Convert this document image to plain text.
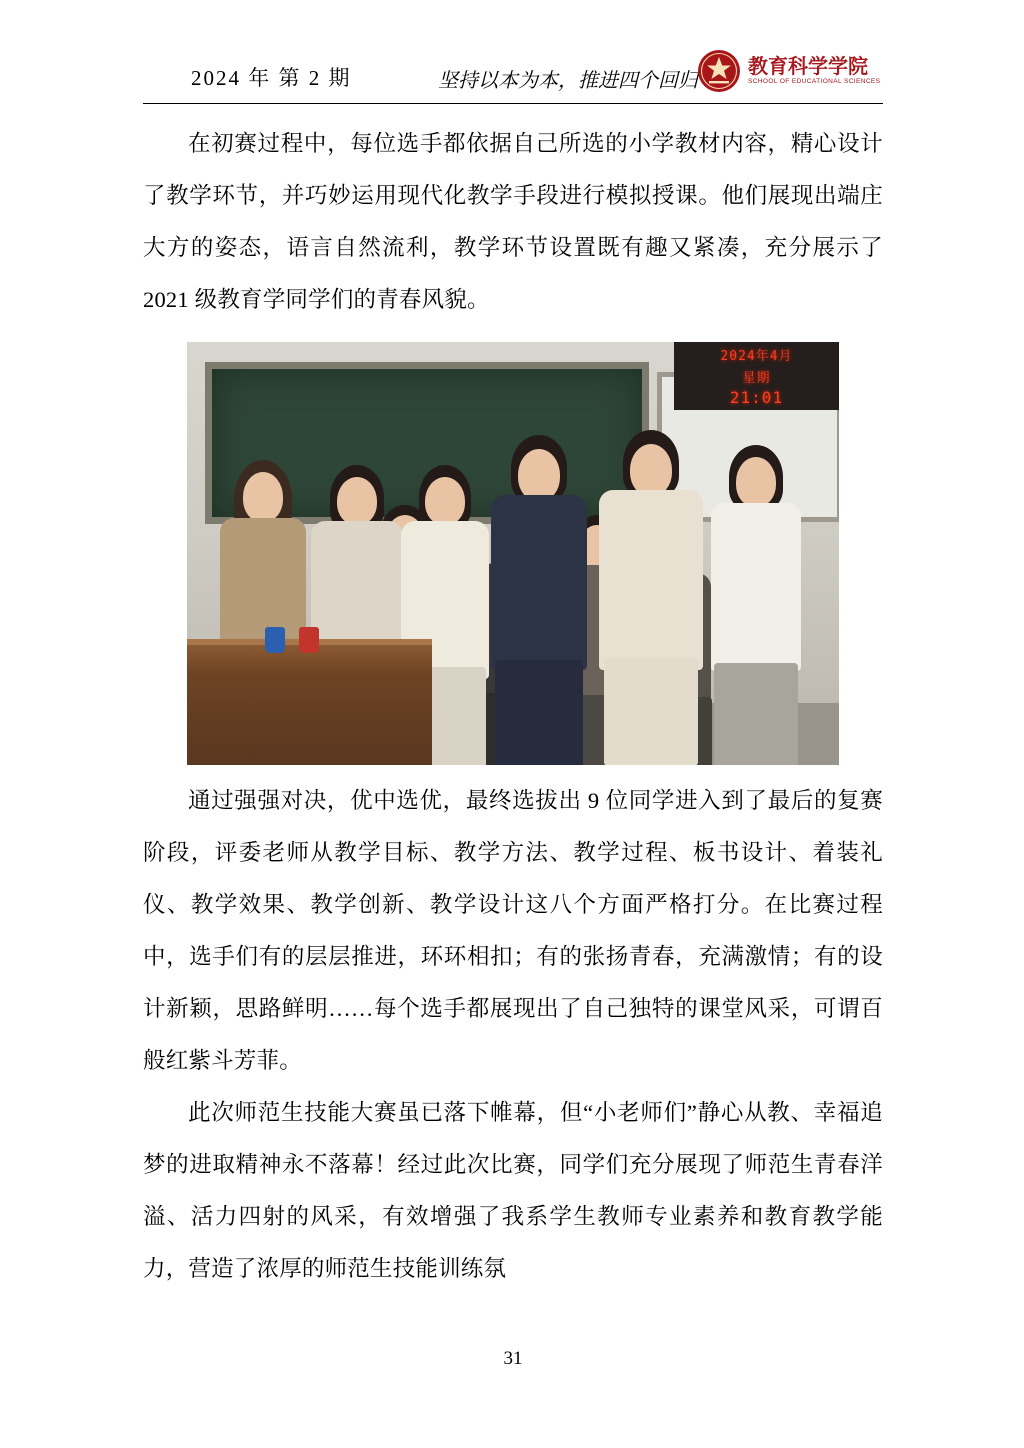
2024 年 第 2 期	坚持以本为本，推进四个回归
教育科学学院
SCHOOL OF EDUCATIONAL SCIENCES

在初赛过程中，每位选手都依据自己所选的小学教材内容，精心设计了教学环节，并巧妙运用现代化教学手段进行模拟授课。他们展现出端庄大方的姿态，语言自然流利，教学环节设置既有趣又紧凑，充分展示了 2021 级教育学同学们的青春风貌。

2024年4月
星期
21:01

通过强强对决，优中选优，最终选拔出 9 位同学进入到了最后的复赛阶段，评委老师从教学目标、教学方法、教学过程、板书设计、着装礼仪、教学效果、教学创新、教学设计这八个方面严格打分。在比赛过程中，选手们有的层层推进，环环相扣；有的张扬青春，充满激情；有的设计新颖，思路鲜明……每个选手都展现出了自己独特的课堂风采，可谓百般红紫斗芳菲。

此次师范生技能大赛虽已落下帷幕，但“小老师们”静心从教、幸福追梦的进取精神永不落幕！经过此次比赛，同学们充分展现了师范生青春洋溢、活力四射的风采，有效增强了我系学生教师专业素养和教育教学能力，营造了浓厚的师范生技能训练氛

31
